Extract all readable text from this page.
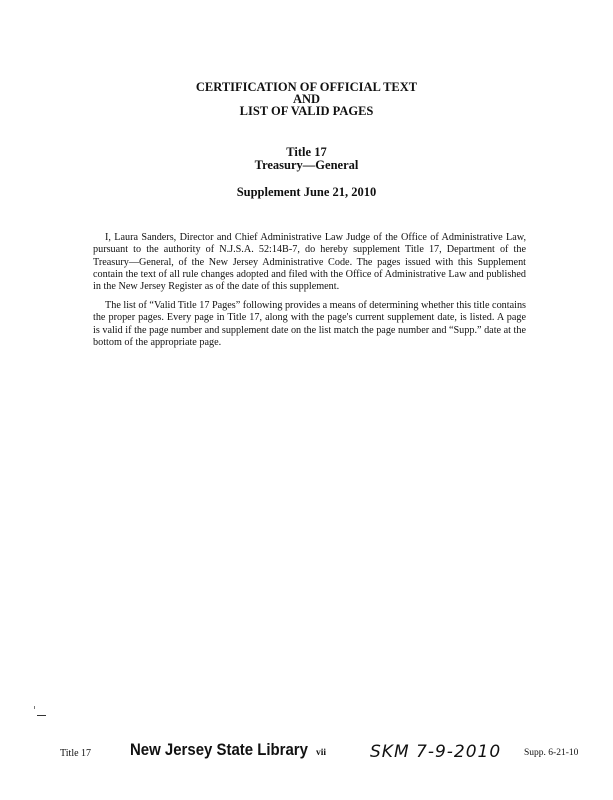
CERTIFICATION OF OFFICIAL TEXT
AND
LIST OF VALID PAGES
Title 17
Treasury—General
Supplement June 21, 2010

I, Laura Sanders, Director and Chief Administrative Law Judge of the Office of Administrative Law, pursuant to the authority of N.J.S.A. 52:14B-7, do hereby supplement Title 17, Department of the Treasury—General, of the New Jersey Administrative Code. The pages issued with this Supplement contain the text of all rule changes adopted and filed with the Office of Administrative Law and published in the New Jersey Register as of the date of this supplement.

The list of “Valid Title 17 Pages” following provides a means of determining whether this title contains the proper pages. Every page in Title 17, along with the page's current supplement date, is listed. A page is valid if the page number and supplement date on the list match the page number and “Supp.” date at the bottom of the appropriate page.

Title 17 New Jersey State Library vii	SKM 7-9-2010 Supp. 6-21-10
